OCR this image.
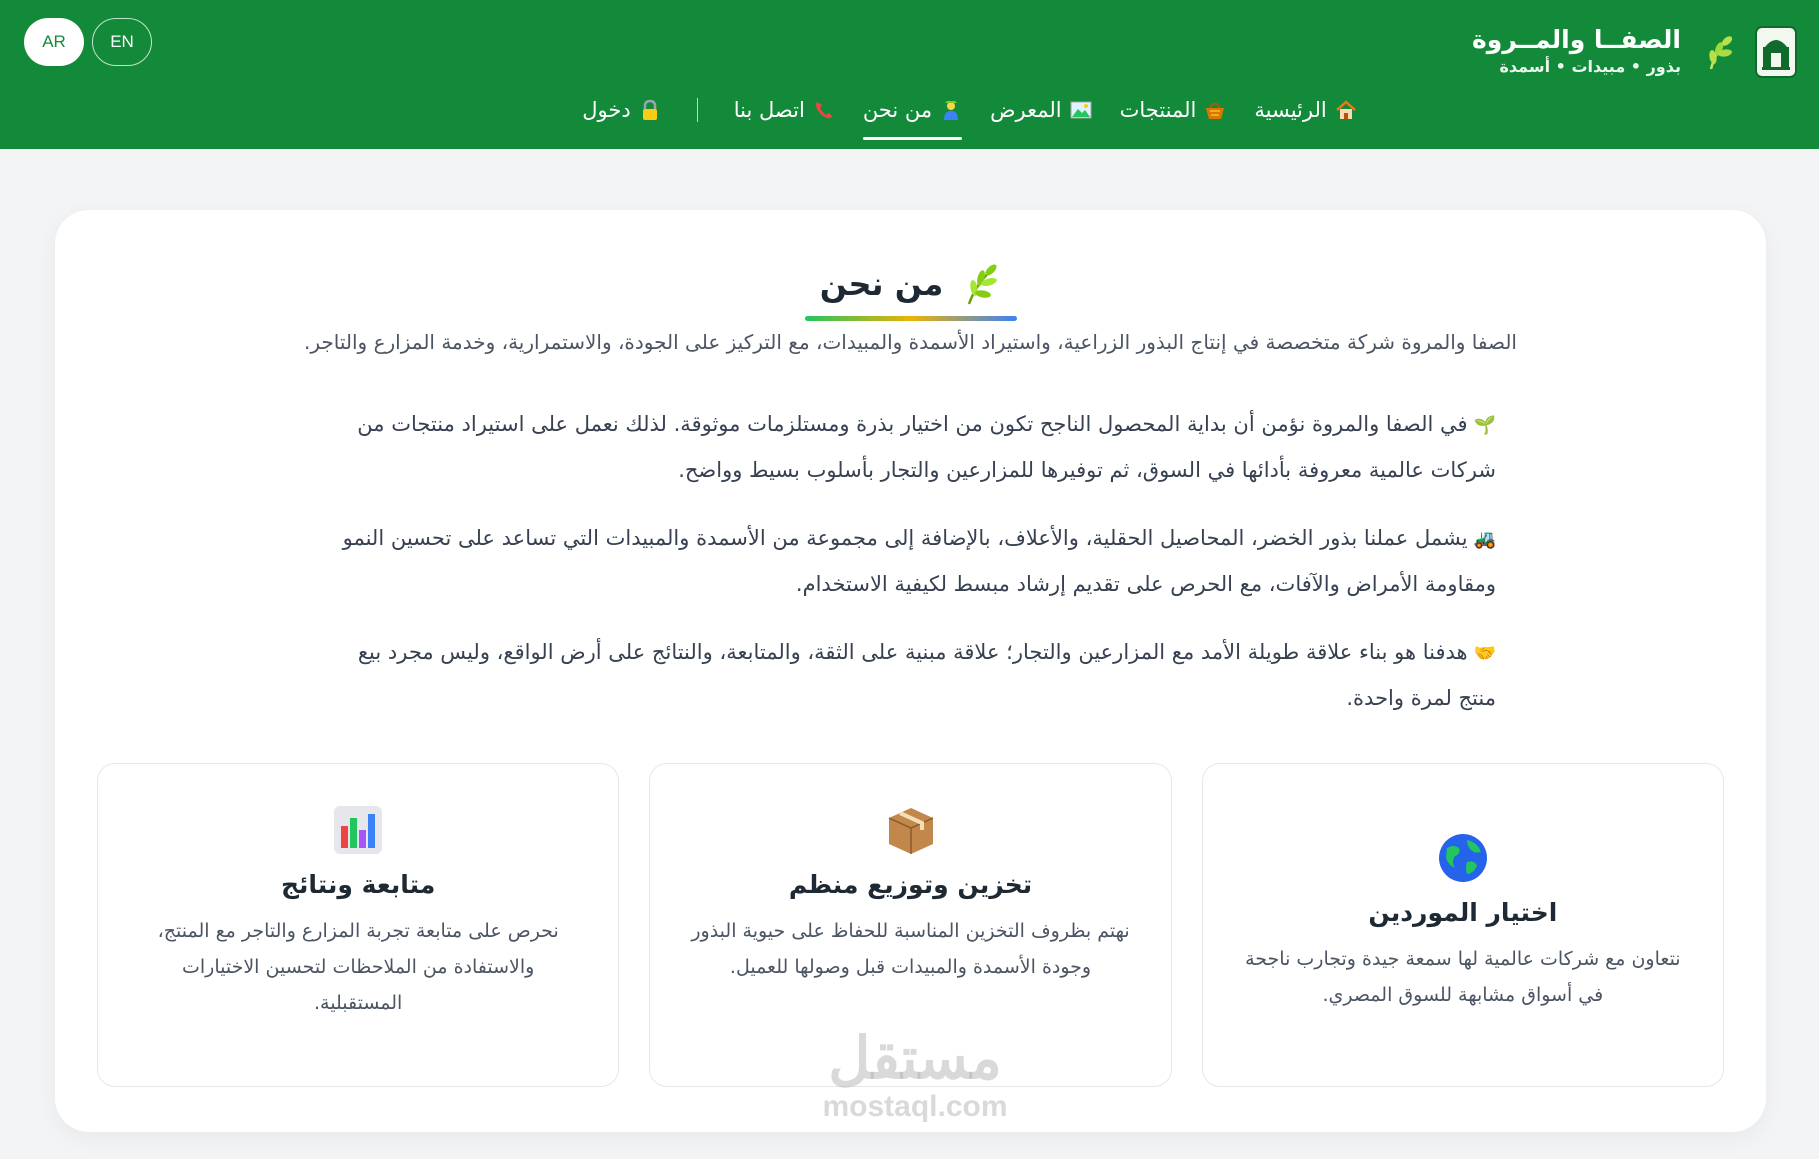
الصفــا والمــروة
بذور • مبيدات • أسمدة
AR	EN
الرئيسية
المنتجات
المعرض
من نحن
اتصل بنا
دخول
من نحن
الصفا والمروة شركة متخصصة في إنتاج البذور الزراعية، واستيراد الأسمدة والمبيدات، مع التركيز على الجودة، والاستمرارية، وخدمة المزارع والتاجر.

🌱في الصفا والمروة نؤمن أن بداية المحصول الناجح تكون من اختيار بذرة ومستلزمات موثوقة. لذلك نعمل على استيراد منتجات من شركات عالمية معروفة بأدائها في السوق، ثم توفيرها للمزارعين والتجار بأسلوب بسيط وواضح.

🚜يشمل عملنا بذور الخضر، المحاصيل الحقلية، والأعلاف، بالإضافة إلى مجموعة من الأسمدة والمبيدات التي تساعد على تحسين النمو ومقاومة الأمراض والآفات، مع الحرص على تقديم إرشاد مبسط لكيفية الاستخدام.

🤝هدفنا هو بناء علاقة طويلة الأمد مع المزارعين والتجار؛ علاقة مبنية على الثقة، والمتابعة، والنتائج على أرض الواقع، وليس مجرد بيع منتج لمرة واحدة.

اختيار الموردين

نتعاون مع شركات عالمية لها سمعة جيدة وتجارب ناجحة في أسواق مشابهة للسوق المصري.

تخزين وتوزيع منظم

نهتم بظروف التخزين المناسبة للحفاظ على حيوية البذور وجودة الأسمدة والمبيدات قبل وصولها للعميل.

متابعة ونتائج

نحرص على متابعة تجربة المزارع والتاجر مع المنتج، والاستفادة من الملاحظات لتحسين الاختيارات المستقبلية.

مستقل
mostaql.com
